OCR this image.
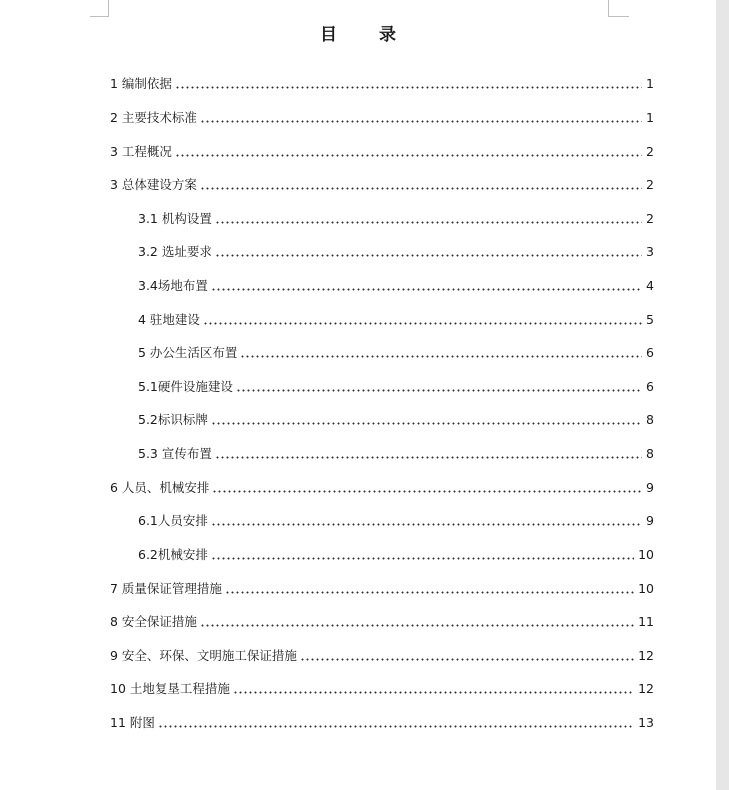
目 录
1 编制依据	1
2 主要技术标准	1
3 工程概况	2
3 总体建设方案	2
3.1 机构设置	2
3.2 选址要求	3
3.4场地布置	4
4 驻地建设	5
5 办公生活区布置	6
5.1硬件设施建设	6
5.2标识标牌	8
5.3 宣传布置	8
6 人员、机械安排	9
6.1人员安排	9
6.2机械安排	10
7 质量保证管理措施	10
8 安全保证措施	11
9 安全、环保、文明施工保证措施	12
10 土地复垦工程措施	12
11 附图	13
